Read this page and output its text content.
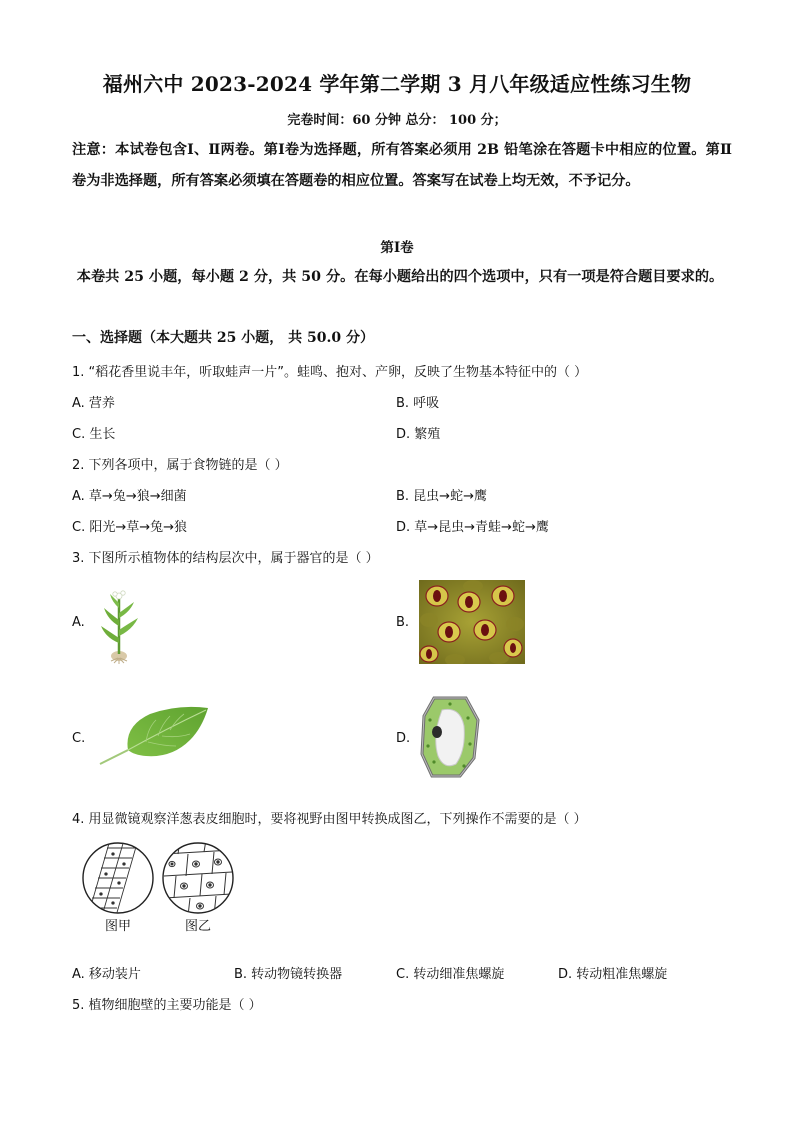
福州六中 2023-2024 学年第二学期 3 月八年级适应性练习生物
完卷时间：60 分钟 总分： 100 分；
注意：本试卷包含Ⅰ、Ⅱ两卷。第Ⅰ卷为选择题，所有答案必须用 2B 铅笔涂在答题卡中相应的位置。第Ⅱ卷为非选择题，所有答案必须填在答题卷的相应位置。答案写在试卷上均无效，不予记分。
第Ⅰ卷
本卷共 25 小题，每小题 2 分，共 50 分。在每小题给出的四个选项中，只有一项是符合题目要求的。
一、选择题（本大题共 25 小题， 共 50.0 分）
1. “稻花香里说丰年，听取蛙声一片”。蛙鸣、抱对、产卵，反映了生物基本特征中的（ ）
A. 营养	B. 呼吸
C. 生长	D. 繁殖
2. 下列各项中，属于食物链的是（ ）
A. 草→兔→狼→细菌	B. 昆虫→蛇→鹰
C. 阳光→草→兔→狼	D. 草→昆虫→青蛙→蛇→鹰
3. 下图所示植物体的结构层次中，属于器官的是（ ）
A.	B.
C.	D.
4. 用显微镜观察洋葱表皮细胞时，要将视野由图甲转换成图乙，下列操作不需要的是（ ）
图甲	图乙
A. 移动装片	B. 转动物镜转换器	C. 转动细准焦螺旋	D. 转动粗准焦螺旋
5. 植物细胞壁的主要功能是（ ）
